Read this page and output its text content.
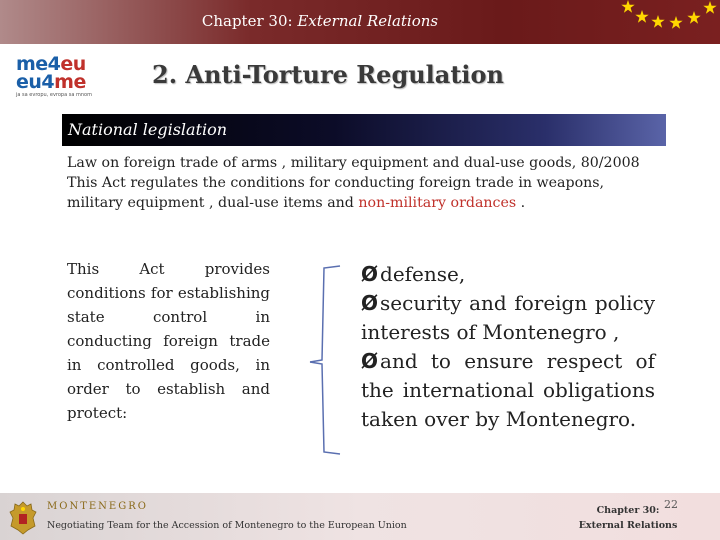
Chapter 30: External Relations
me4eu
eu4me
ja sa evropu, evropa sa mnom
2. Anti-Torture Regulation
National legislation
Law on foreign trade of arms , military equipment and dual-use goods, 80/2008
This Act regulates the conditions for conducting foreign trade in weapons, military equipment , dual-use items and non-military ordances .
This Act provides conditions for establishing state control in conducting foreign trade in controlled goods, in order to establish and protect:
Ø defense,
Ø security and foreign policy interests of Montenegro ,
Ø and to ensure respect of the international obligations taken over by Montenegro.
MONTENEGRO
Negotiating Team for the Accession of Montenegro to the European Union
Chapter 30:
External Relations
22
